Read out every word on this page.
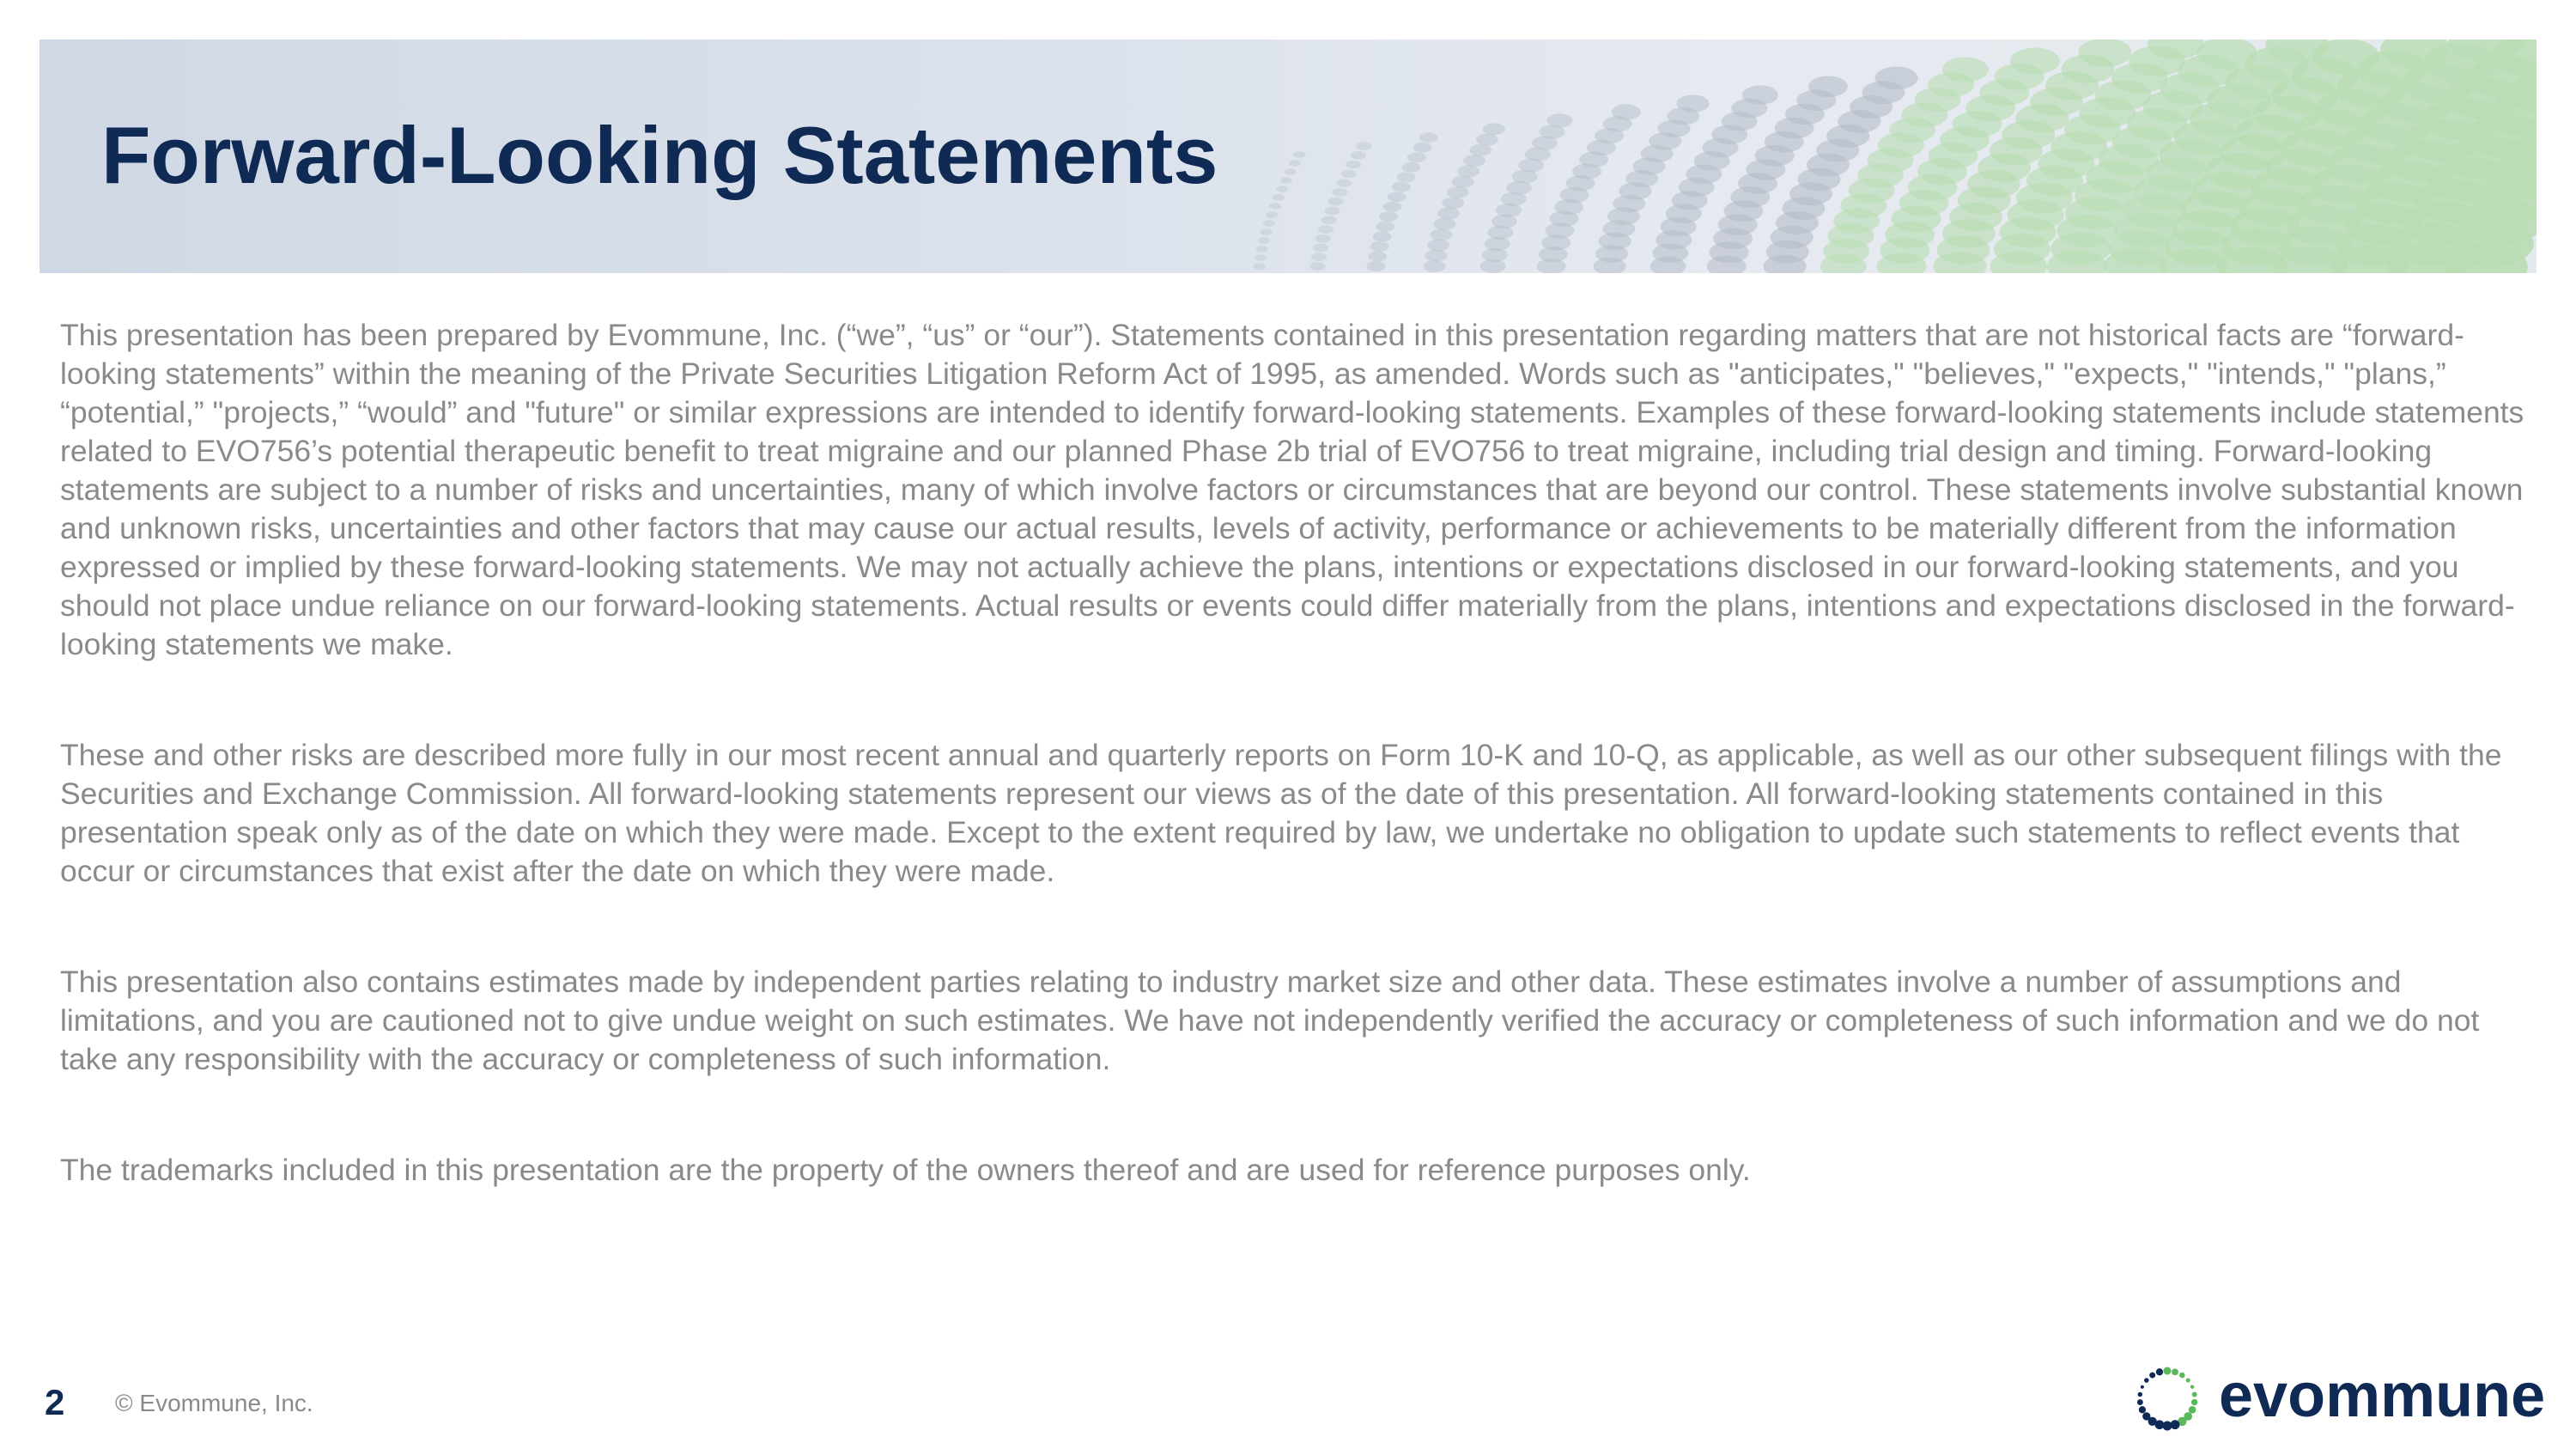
Forward-Looking Statements

This presentation has been prepared by Evommune, Inc. (“we”, “us” or “our”). Statements contained in this presentation regarding matters that are not historical facts are “forward-looking statements” within the meaning of the Private Securities Litigation Reform Act of 1995, as amended. Words such as "anticipates," "believes," "expects," "intends," "plans,” “potential,” "projects,” “would” and "future" or similar expressions are intended to identify forward-looking statements. Examples of these forward-looking statements include statements related to EVO756’s potential therapeutic benefit to treat migraine and our planned Phase 2b trial of EVO756 to treat migraine, including trial design and timing. Forward-looking statements are subject to a number of risks and uncertainties, many of which involve factors or circumstances that are beyond our control. These statements involve substantial known and unknown risks, uncertainties and other factors that may cause our actual results, levels of activity, performance or achievements to be materially different from the information expressed or implied by these forward-looking statements. We may not actually achieve the plans, intentions or expectations disclosed in our forward-looking statements, and you should not place undue reliance on our forward-looking statements. Actual results or events could differ materially from the plans, intentions and expectations disclosed in the forward-looking statements we make.

These and other risks are described more fully in our most recent annual and quarterly reports on Form 10-K and 10-Q, as applicable, as well as our other subsequent filings with the Securities and Exchange Commission. All forward-looking statements represent our views as of the date of this presentation. All forward-looking statements contained in this presentation speak only as of the date on which they were made. Except to the extent required by law, we undertake no obligation to update such statements to reflect events that occur or circumstances that exist after the date on which they were made.

This presentation also contains estimates made by independent parties relating to industry market size and other data. These estimates involve a number of assumptions and limitations, and you are cautioned not to give undue weight on such estimates. We have not independently verified the accuracy or completeness of such information and we do not take any responsibility with the accuracy or completeness of such information.

The trademarks included in this presentation are the property of the owners thereof and are used for reference purposes only.

2 © Evommune, Inc.	evommune
